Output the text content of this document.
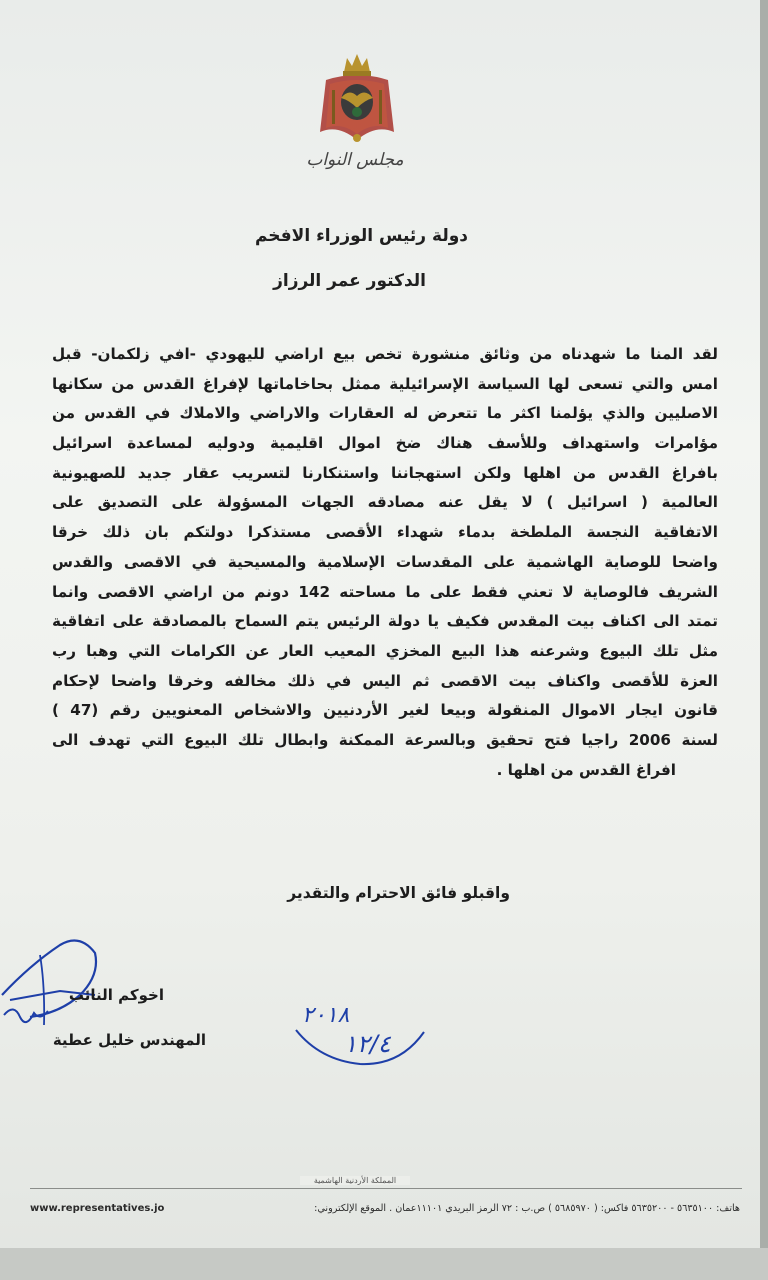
مجلس النواب
دولة رئيس الوزراء الافخم
الدكتور عمر الرزاز
لقد المنا ما شهدناه من وثائق منشورة تخص بيع اراضي لليهودي -افي زلكمان- قبل
امس والتي تسعى لها السياسة الإسرائيلية ممثل بحاخاماتها لإفراغ القدس من سكانها
الاصليين والذي يؤلمنا اكثر ما تتعرض له العقارات والاراضي والاملاك في القدس من
مؤامرات واستهداف وللأسف هناك ضخ اموال اقليمية ودوليه لمساعدة اسرائيل
بافراغ القدس من اهلها ولكن استهجاننا واستنكارنا لتسريب عقار جديد للصهيونية
العالمية ( اسرائيل ) لا يقل عنه مصادقه الجهات المسؤولة على التصديق على
الاتفاقية النجسة الملطخة بدماء شهداء الأقصى مستذكرا دولتكم بان ذلك خرقا
واضحا للوصاية الهاشمية على المقدسات الإسلامية والمسيحية في الاقصى والقدس
الشريف فالوصاية لا تعني فقط على ما مساحته 142 دونم من اراضي الاقصى وانما
تمتد الى اكناف بيت المقدس فكيف يا دولة الرئيس يتم السماح بالمصادقة على اتفاقية
مثل تلك البيوع وشرعنه هذا البيع المخزي المعيب العار عن الكرامات التي وهبا رب
العزة للأقصى واكناف بيت الاقصى ثم اليس في ذلك مخالفه وخرقا واضحا لإحكام
قانون ايجار الاموال المنقولة وبيعا لغير الأردنيين والاشخاص المعنويين رقم (47 )
لسنة 2006 راجيا فتح تحقيق وبالسرعة الممكنة وابطال تلك البيوع التي تهدف الى
افراغ القدس من اهلها .
واقبلو فائق الاحترام والتقدير
اخوكم النائب
المهندس خليل عطية
٢٠١٨
١٢/٤
المملكة الأردنية الهاشمية
هاتف: ٥٦٣٥١٠٠ - ٥٦٣٥٢٠٠ فاكس: ( ٥٦٨٥٩٧٠ ) ص.ب : ٧٢ الرمز البريدي ١١١٠١عمان . الموقع الإلكتروني:
www.representatives.jo
